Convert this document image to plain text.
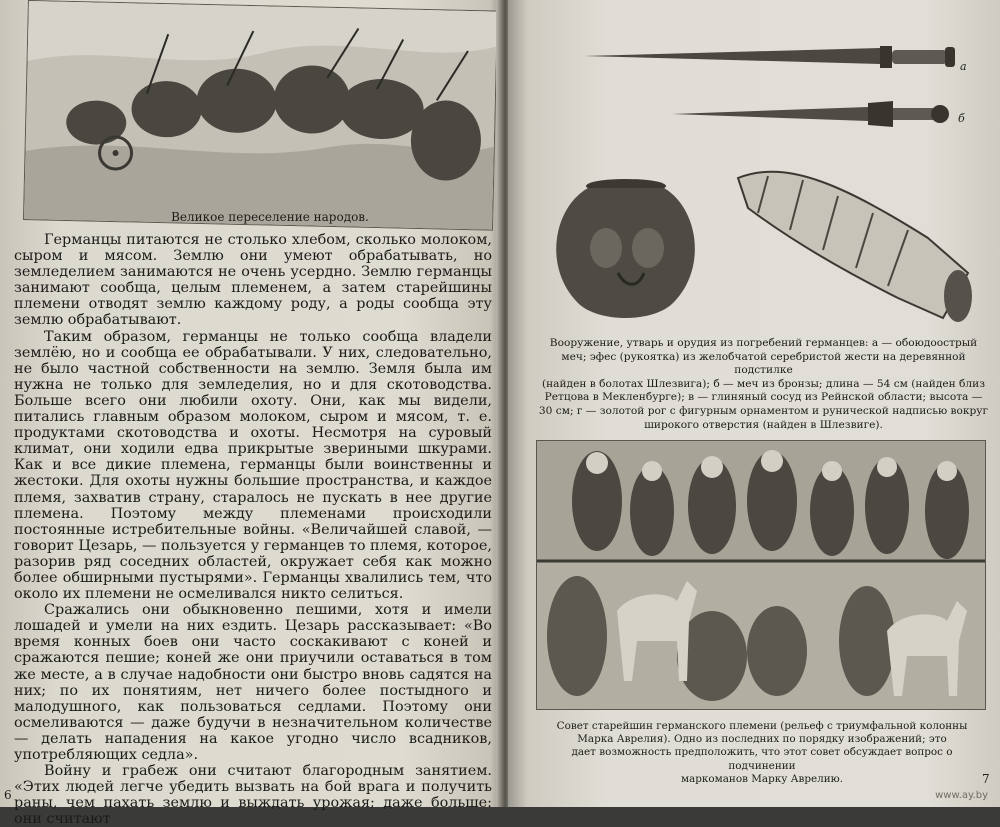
Великое переселение народов.

Германцы питаются не столько хлебом, сколько молоком, сыром и мясом. Землю они умеют обрабатывать, но земледелием занимаются не очень усердно. Землю германцы занимают сообща, целым племенем, а затем старейшины племени отводят землю каждому роду, а роды сообща эту землю обрабатывают.

Таким образом, германцы не только сообща владели землёю, но и сообща ее обрабатывали. У них, следовательно, не было частной собственности на землю. Земля была им нужна не только для земледелия, но и для скотоводства. Больше всего они любили охоту. Они, как мы видели, питались главным образом молоком, сыром и мясом, т. е. продуктами скотоводства и охоты. Несмотря на суровый климат, они ходили едва прикрытые звериными шкурами. Как и все дикие племена, германцы были воинственны и жестоки. Для охоты нужны большие пространства, и каждое племя, захватив страну, старалось не пускать в нее другие племена. Поэтому между племенами происходили постоянные истребительные войны. «Величайшей славой, — говорит Цезарь, — пользуется у германцев то племя, которое, разорив ряд соседних областей, окружает себя как можно более обширными пустырями». Германцы хвалились тем, что около их племени не осмеливался никто селиться.

Сражались они обыкновенно пешими, хотя и имели лошадей и умели на них ездить. Цезарь рассказывает: «Во время конных боев они часто соскакивают с коней и сражаются пешие; коней же они приучили оставаться в том же месте, а в случае надобности они быстро вновь садятся на них; по их понятиям, нет ничего более постыдного и малодушного, как пользоваться седлами. Поэтому они осмеливаются — даже будучи в незначительном количестве — делать нападения на какое угодно число всадников, употребляющих седла».

Войну и грабеж они считают благородным занятием. «Этих людей легче убедить вызвать на бой врага и получить раны, чем пахать землю и выждать урожая; даже больше: они считают

6
а
б
Вооружение, утварь и орудия из погребений германцев: а — обоюдоострый
меч; эфес (рукоятка) из желобчатой серебристой жести на деревянной подстилке
(найден в болотах Шлезвига); б — меч из бронзы; длина — 54 см (найден близ
Ретцова в Мекленбурге); в — глиняный сосуд из Рейнской области; высота —
30 см; г — золотой рог с фигурным орнаментом и рунической надписью вокруг
широкого отверстия (найден в Шлезвиге).
Совет старейшин германского племени (рельеф с триумфальной колонны
Марка Аврелия). Одно из последних по порядку изображений; это
дает возможность предположить, что этот совет обсуждает вопрос о подчинении
маркоманов Марку Аврелию.	7
www.ay.by
